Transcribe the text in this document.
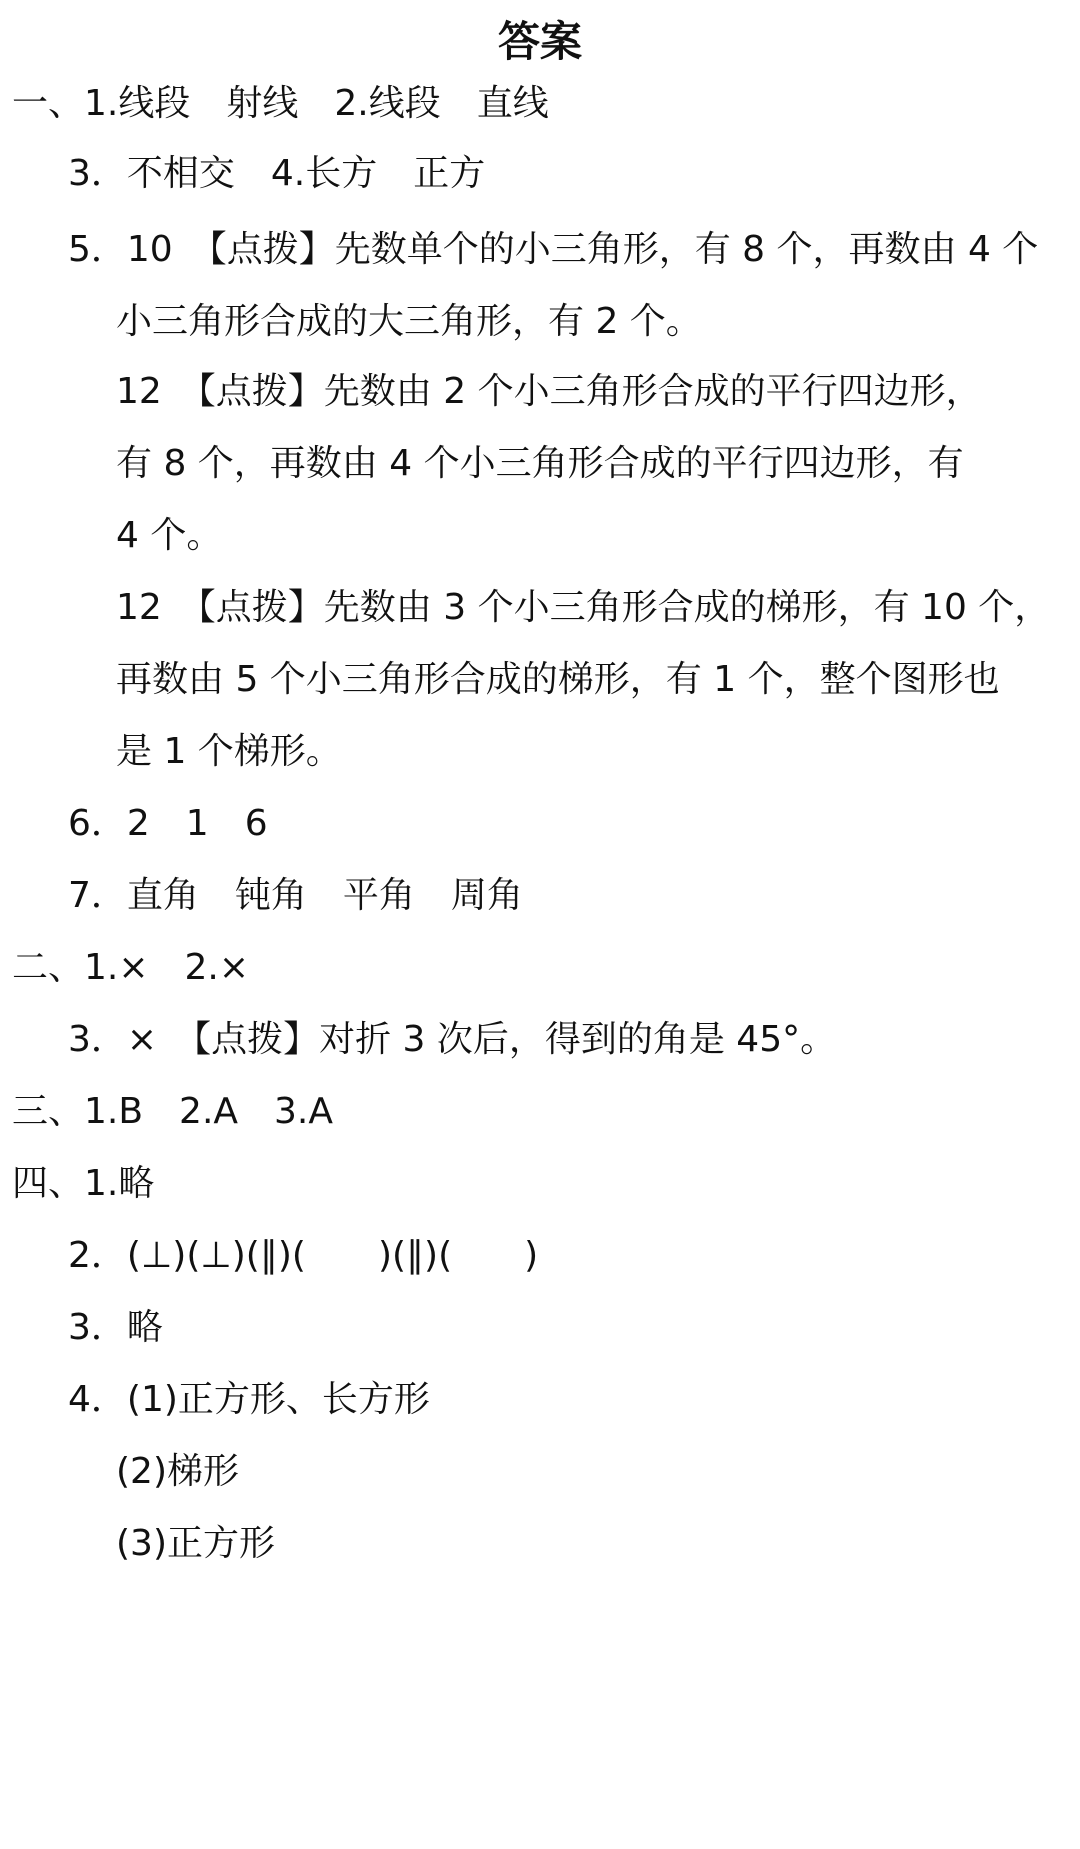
答案
一、1.线段　射线　2.线段　直线
3．不相交　4.长方　正方
5．10　【点拨】先数单个的小三角形，有 8 个，再数由 4 个
小三角形合成的大三角形，有 2 个。
12　【点拨】先数由 2 个小三角形合成的平行四边形，
有 8 个，再数由 4 个小三角形合成的平行四边形，有
4 个。
12　【点拨】先数由 3 个小三角形合成的梯形，有 10 个，
再数由 5 个小三角形合成的梯形，有 1 个，整个图形也
是 1 个梯形。
6．2　1　6
7．直角　钝角　平角　周角
二、1.×　2.×
3．×　【点拨】对折 3 次后，得到的角是 45°。
三、1.B　2.A　3.A
四、1.略
2．(⊥)(⊥)(∥)(　　)(∥)(　　)
3．略
4．(1)正方形、长方形
(2)梯形
(3)正方形
